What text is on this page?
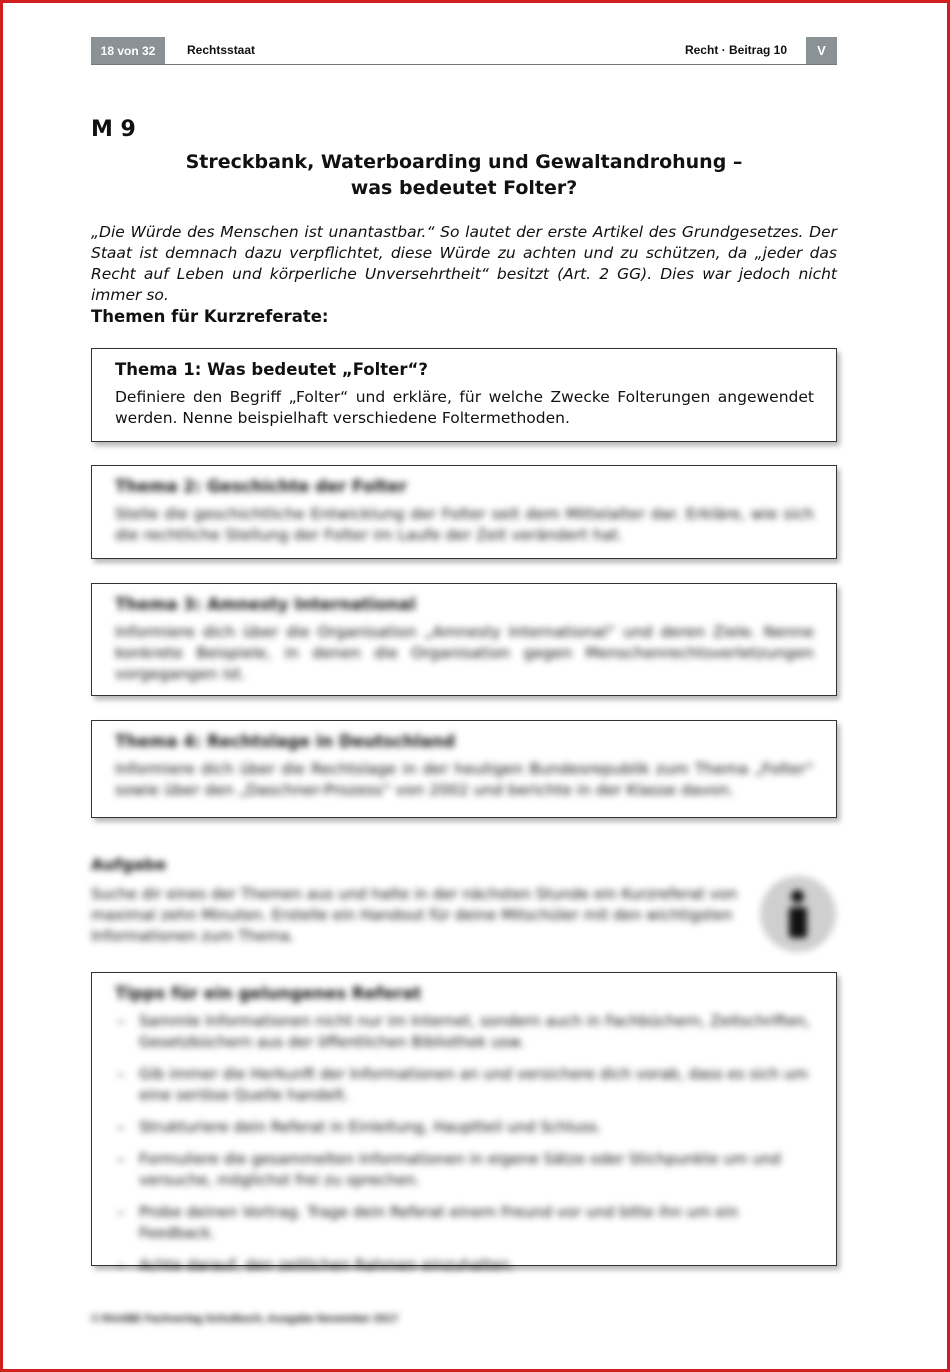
18 von 32	Rechtsstaat	Recht · Beitrag 10	V
M 9
Streckbank, Waterboarding und Gewaltandrohung –
was bedeutet Folter?

„Die Würde des Menschen ist unantastbar.“ So lautet der erste Artikel des Grundgesetzes. Der Staat ist demnach dazu verpflichtet, diese Würde zu achten und zu schützen, da „jeder das Recht auf Leben und körperliche Unversehrtheit“ besitzt (Art. 2 GG). Dies war jedoch nicht immer so.

Themen für Kurzreferate:
Thema 1: Was bedeutet „Folter“?
Definiere den Begriff „Folter“ und erkläre, für welche Zwecke Folterungen angewendet werden. Nenne beispielhaft verschiedene Foltermethoden.
Thema 2: Geschichte der Folter
Stelle die geschichtliche Entwicklung der Folter seit dem Mittelalter dar. Erkläre, wie sich die rechtliche Stellung der Folter im Laufe der Zeit verändert hat.
Thema 3: Amnesty International
Informiere dich über die Organisation „Amnesty International“ und deren Ziele. Nenne konkrete Beispiele, in denen die Organisation gegen Menschenrechtsverletzungen vorgegangen ist.
Thema 4: Rechtslage in Deutschland
Informiere dich über die Rechtslage in der heutigen Bundesrepublik zum Thema „Folter“ sowie über den „Daschner-Prozess“ von 2002 und berichte in der Klasse davon.
Aufgabe
Suche dir eines der Themen aus und halte in der nächsten Stunde ein Kurzreferat von maximal zehn Minuten. Erstelle ein Handout für deine Mitschüler mit den wichtigsten Informationen zum Thema.
Tipps für ein gelungenes Referat
– Sammle Informationen nicht nur im Internet, sondern auch in Fachbüchern, Zeitschriften, Gesetzbüchern aus der öffentlichen Bibliothek usw.
– Gib immer die Herkunft der Informationen an und versichere dich vorab, dass es sich um eine seriöse Quelle handelt.
– Strukturiere dein Referat in Einleitung, Hauptteil und Schluss.
– Formuliere die gesammelten Informationen in eigene Sätze oder Stichpunkte um und versuche, möglichst frei zu sprechen.
– Probe deinen Vortrag. Trage dein Referat einem Freund vor und bitte ihn um ein Feedback.
– Achte darauf, den zeitlichen Rahmen einzuhalten.
© RAABE Fachverlag Schulbuch, Ausgabe November 2017
